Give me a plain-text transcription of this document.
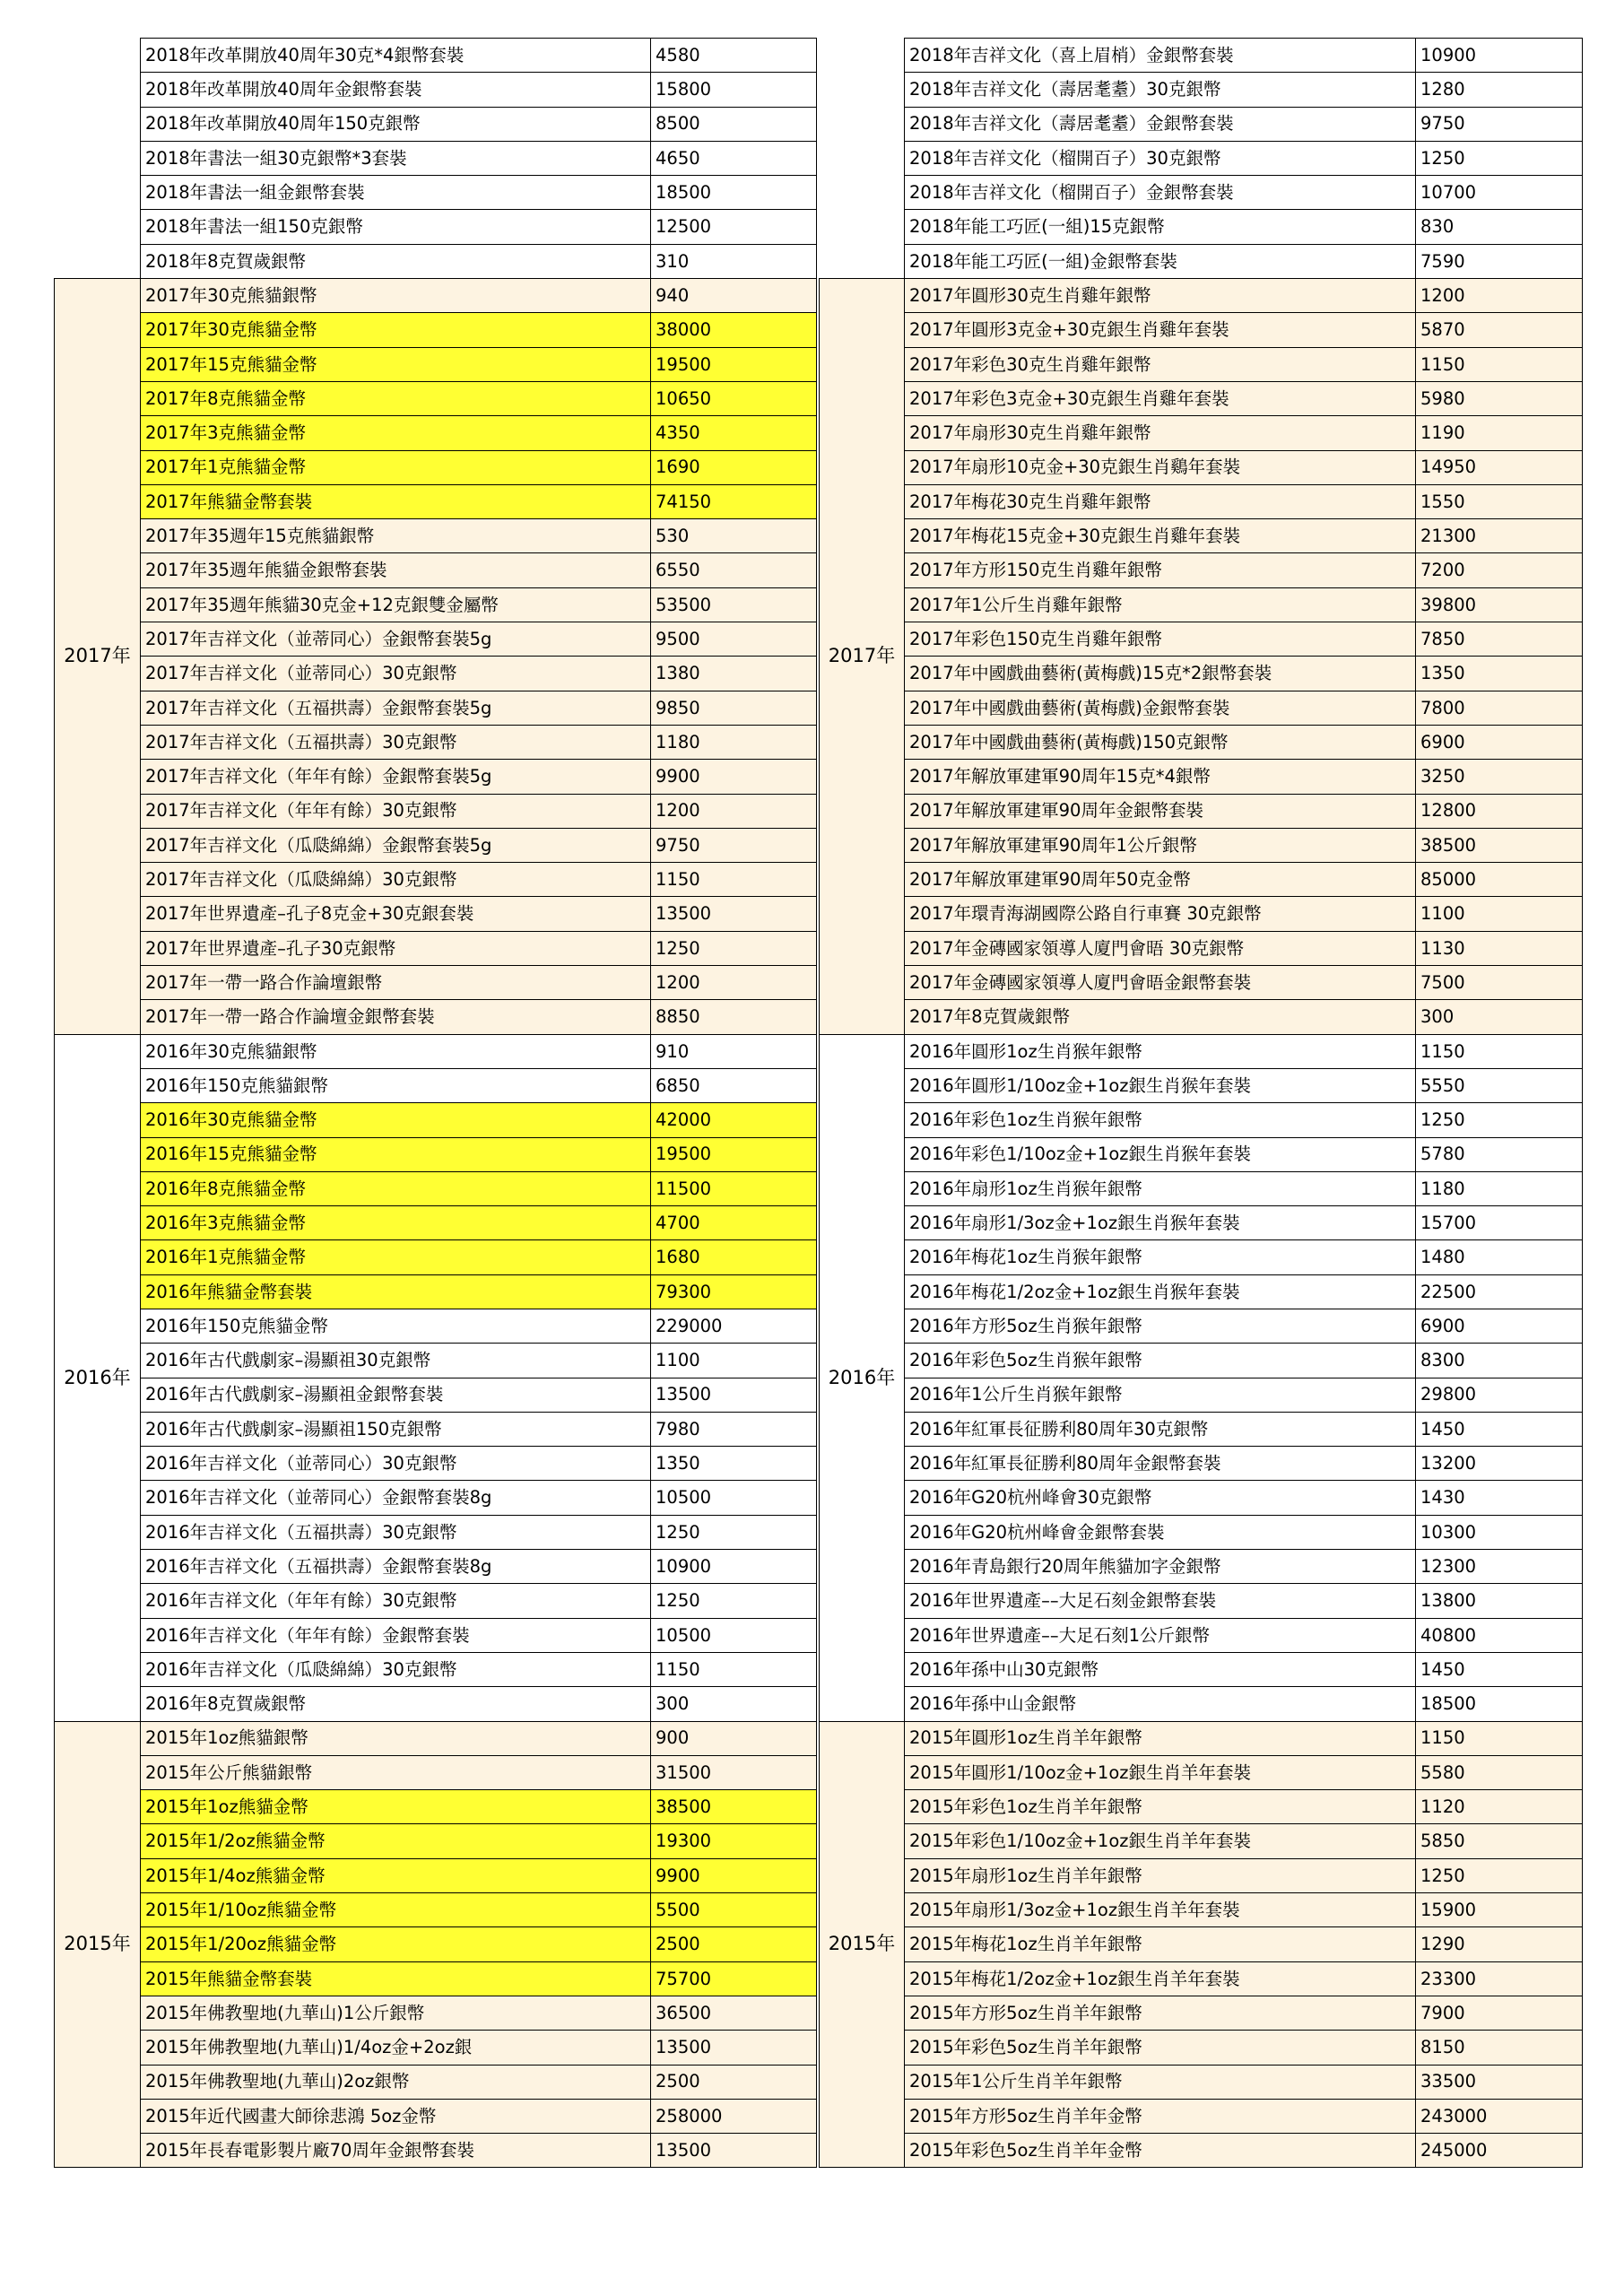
	2018年改革開放40周年30克*4銀幣套裝	4580
	2018年改革開放40周年金銀幣套裝	15800
	2018年改革開放40周年150克銀幣	8500
	2018年書法一組30克銀幣*3套裝	4650
	2018年書法一組金銀幣套裝	18500
	2018年書法一組150克銀幣	12500
	2018年8克賀歲銀幣	310
2017年	2017年30克熊貓銀幣	940
	2017年30克熊貓金幣	38000
	2017年15克熊貓金幣	19500
	2017年8克熊貓金幣	10650
	2017年3克熊貓金幣	4350
	2017年1克熊貓金幣	1690
	2017年熊貓金幣套裝	74150
	2017年35週年15克熊貓銀幣	530
	2017年35週年熊貓金銀幣套裝	6550
	2017年35週年熊貓30克金+12克銀雙金屬幣	53500
	2017年吉祥文化（並蒂同心）金銀幣套裝5g	9500
	2017年吉祥文化（並蒂同心）30克銀幣	1380
	2017年吉祥文化（五福拱壽）金銀幣套裝5g	9850
	2017年吉祥文化（五福拱壽）30克銀幣	1180
	2017年吉祥文化（年年有餘）金銀幣套裝5g	9900
	2017年吉祥文化（年年有餘）30克銀幣	1200
	2017年吉祥文化（瓜瓞綿綿）金銀幣套裝5g	9750
	2017年吉祥文化（瓜瓞綿綿）30克銀幣	1150
	2017年世界遺產–孔子8克金+30克銀套裝	13500
	2017年世界遺產–孔子30克銀幣	1250
	2017年一帶一路合作論壇銀幣	1200
	2017年一帶一路合作論壇金銀幣套裝	8850
2016年	2016年30克熊貓銀幣	910
	2016年150克熊貓銀幣	6850
	2016年30克熊貓金幣	42000
	2016年15克熊貓金幣	19500
	2016年8克熊貓金幣	11500
	2016年3克熊貓金幣	4700
	2016年1克熊貓金幣	1680
	2016年熊貓金幣套裝	79300
	2016年150克熊貓金幣	229000
	2016年古代戲劇家–湯顯祖30克銀幣	1100
	2016年古代戲劇家–湯顯祖金銀幣套裝	13500
	2016年古代戲劇家–湯顯祖150克銀幣	7980
	2016年吉祥文化（並蒂同心）30克銀幣	1350
	2016年吉祥文化（並蒂同心）金銀幣套裝8g	10500
	2016年吉祥文化（五福拱壽）30克銀幣	1250
	2016年吉祥文化（五福拱壽）金銀幣套裝8g	10900
	2016年吉祥文化（年年有餘）30克銀幣	1250
	2016年吉祥文化（年年有餘）金銀幣套裝	10500
	2016年吉祥文化（瓜瓞綿綿）30克銀幣	1150
	2016年8克賀歲銀幣	300
2015年	2015年1oz熊貓銀幣	900
	2015年公斤熊貓銀幣	31500
	2015年1oz熊貓金幣	38500
	2015年1/2oz熊貓金幣	19300
	2015年1/4oz熊貓金幣	9900
	2015年1/10oz熊貓金幣	5500
	2015年1/20oz熊貓金幣	2500
	2015年熊貓金幣套裝	75700
	2015年佛教聖地(九華山)1公斤銀幣	36500
	2015年佛教聖地(九華山)1/4oz金+2oz銀	13500
	2015年佛教聖地(九華山)2oz銀幣	2500
	2015年近代國畫大師徐悲鴻 5oz金幣	258000
	2015年長春電影製片廠70周年金銀幣套裝	13500
	2018年吉祥文化（喜上眉梢）金銀幣套裝	10900
	2018年吉祥文化（壽居耄耋）30克銀幣	1280
	2018年吉祥文化（壽居耄耋）金銀幣套裝	9750
	2018年吉祥文化（榴開百子）30克銀幣	1250
	2018年吉祥文化（榴開百子）金銀幣套裝	10700
	2018年能工巧匠(一組)15克銀幣	830
	2018年能工巧匠(一組)金銀幣套裝	7590
2017年	2017年圓形30克生肖雞年銀幣	1200
	2017年圓形3克金+30克銀生肖雞年套裝	5870
	2017年彩色30克生肖雞年銀幣	1150
	2017年彩色3克金+30克銀生肖雞年套裝	5980
	2017年扇形30克生肖雞年銀幣	1190
	2017年扇形10克金+30克銀生肖鷄年套裝	14950
	2017年梅花30克生肖雞年銀幣	1550
	2017年梅花15克金+30克銀生肖雞年套裝	21300
	2017年方形150克生肖雞年銀幣	7200
	2017年1公斤生肖雞年銀幣	39800
	2017年彩色150克生肖雞年銀幣	7850
	2017年中國戲曲藝術(黃梅戲)15克*2銀幣套裝	1350
	2017年中國戲曲藝術(黃梅戲)金銀幣套裝	7800
	2017年中國戲曲藝術(黃梅戲)150克銀幣	6900
	2017年解放軍建軍90周年15克*4銀幣	3250
	2017年解放軍建軍90周年金銀幣套裝	12800
	2017年解放軍建軍90周年1公斤銀幣	38500
	2017年解放軍建軍90周年50克金幣	85000
	2017年環青海湖國際公路自行車賽 30克銀幣	1100
	2017年金磚國家領導人廈門會晤 30克銀幣	1130
	2017年金磚國家領導人廈門會晤金銀幣套裝	7500
	2017年8克賀歲銀幣	300
2016年	2016年圓形1oz生肖猴年銀幣	1150
	2016年圓形1/10oz金+1oz銀生肖猴年套裝	5550
	2016年彩色1oz生肖猴年銀幣	1250
	2016年彩色1/10oz金+1oz銀生肖猴年套裝	5780
	2016年扇形1oz生肖猴年銀幣	1180
	2016年扇形1/3oz金+1oz銀生肖猴年套裝	15700
	2016年梅花1oz生肖猴年銀幣	1480
	2016年梅花1/2oz金+1oz銀生肖猴年套裝	22500
	2016年方形5oz生肖猴年銀幣	6900
	2016年彩色5oz生肖猴年銀幣	8300
	2016年1公斤生肖猴年銀幣	29800
	2016年紅軍長征勝利80周年30克銀幣	1450
	2016年紅軍長征勝利80周年金銀幣套裝	13200
	2016年G20杭州峰會30克銀幣	1430
	2016年G20杭州峰會金銀幣套裝	10300
	2016年青島銀行20周年熊貓加字金銀幣	12300
	2016年世界遺產––大足石刻金銀幣套裝	13800
	2016年世界遺產––大足石刻1公斤銀幣	40800
	2016年孫中山30克銀幣	1450
	2016年孫中山金銀幣	18500
2015年	2015年圓形1oz生肖羊年銀幣	1150
	2015年圓形1/10oz金+1oz銀生肖羊年套裝	5580
	2015年彩色1oz生肖羊年銀幣	1120
	2015年彩色1/10oz金+1oz銀生肖羊年套裝	5850
	2015年扇形1oz生肖羊年銀幣	1250
	2015年扇形1/3oz金+1oz銀生肖羊年套裝	15900
	2015年梅花1oz生肖羊年銀幣	1290
	2015年梅花1/2oz金+1oz銀生肖羊年套裝	23300
	2015年方形5oz生肖羊年銀幣	7900
	2015年彩色5oz生肖羊年銀幣	8150
	2015年1公斤生肖羊年銀幣	33500
	2015年方形5oz生肖羊年金幣	243000
	2015年彩色5oz生肖羊年金幣	245000
